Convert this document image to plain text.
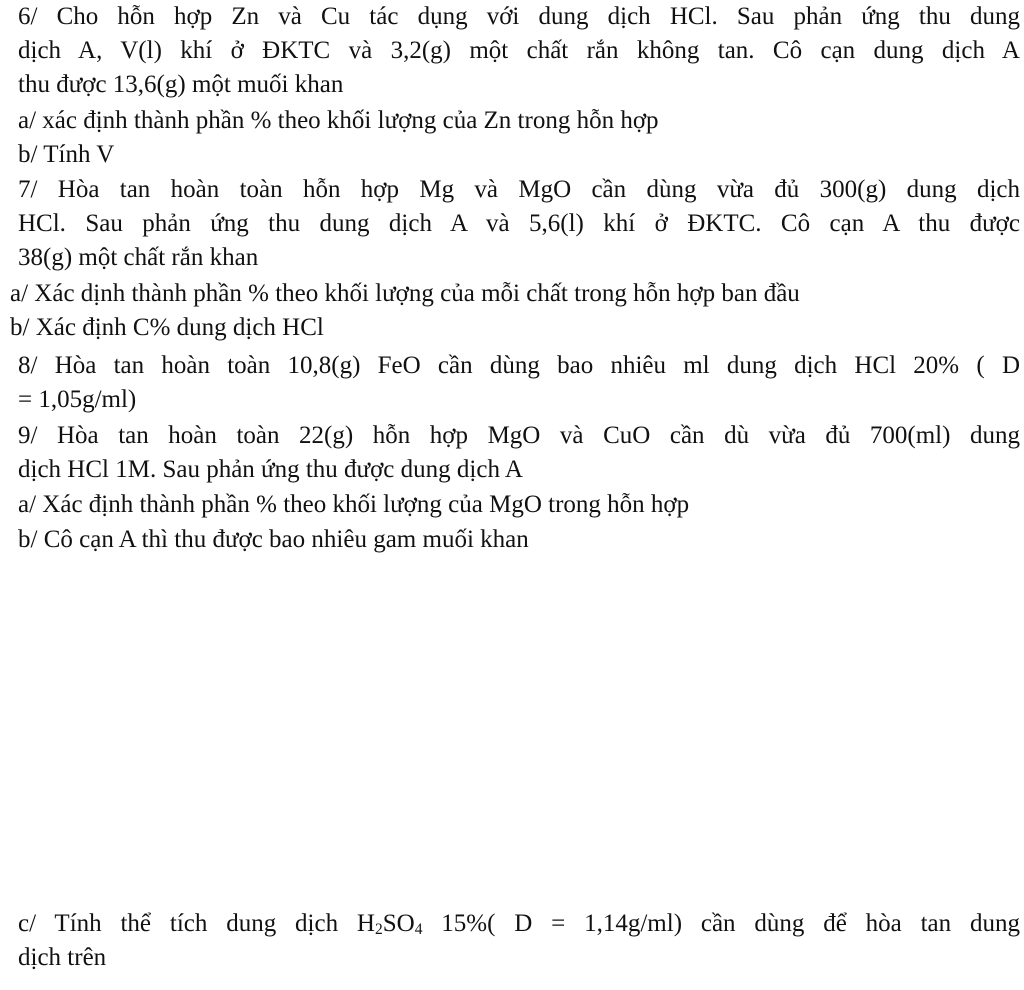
6/ Cho hỗn hợp Zn và Cu tác dụng với dung dịch HCl. Sau phản ứng thu dung
dịch A, V(l) khí ở ĐKTC và 3,2(g) một chất rắn không tan. Cô cạn dung dịch A
thu được 13,6(g) một muối khan
a/ xác định thành phần % theo khối lượng của Zn trong hỗn hợp
b/ Tính V
7/ Hòa tan hoàn toàn hỗn hợp Mg và MgO cần dùng vừa đủ 300(g) dung dịch
HCl. Sau phản ứng thu dung dịch A và 5,6(l) khí ở ĐKTC. Cô cạn A thu được
38(g) một chất rắn khan
a/ Xác dịnh thành phần % theo khối lượng của mỗi chất trong hỗn hợp ban đầu
b/ Xác định C% dung dịch HCl
8/ Hòa tan hoàn toàn 10,8(g) FeO cần dùng bao nhiêu ml dung dịch HCl 20% ( D
= 1,05g/ml)
9/ Hòa tan hoàn toàn 22(g) hỗn hợp MgO và CuO cần dù vừa đủ 700(ml) dung
dịch HCl 1M. Sau phản ứng thu được dung dịch A
a/ Xác định thành phần % theo khối lượng của MgO trong hỗn hợp
b/ Cô cạn A thì thu được bao nhiêu gam muối khan
c/ Tính thể tích dung dịch $H_2SO_4$ 15%( D = 1,14g/ml) cần dùng để hòa tan dung
dịch trên
